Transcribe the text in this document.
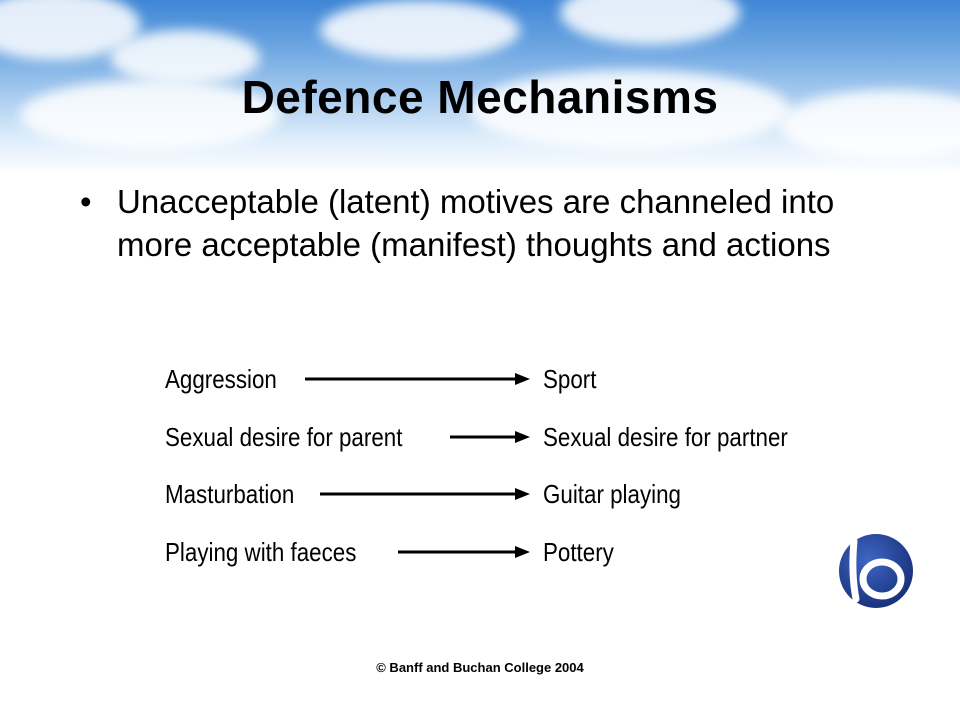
Defence Mechanisms
• Unacceptable (latent) motives are channeled into more acceptable (manifest) thoughts and actions
Aggression	Sport
Sexual desire for parent	Sexual desire for partner
Masturbation	Guitar playing
Playing with faeces	Pottery
© Banff and Buchan College 2004
